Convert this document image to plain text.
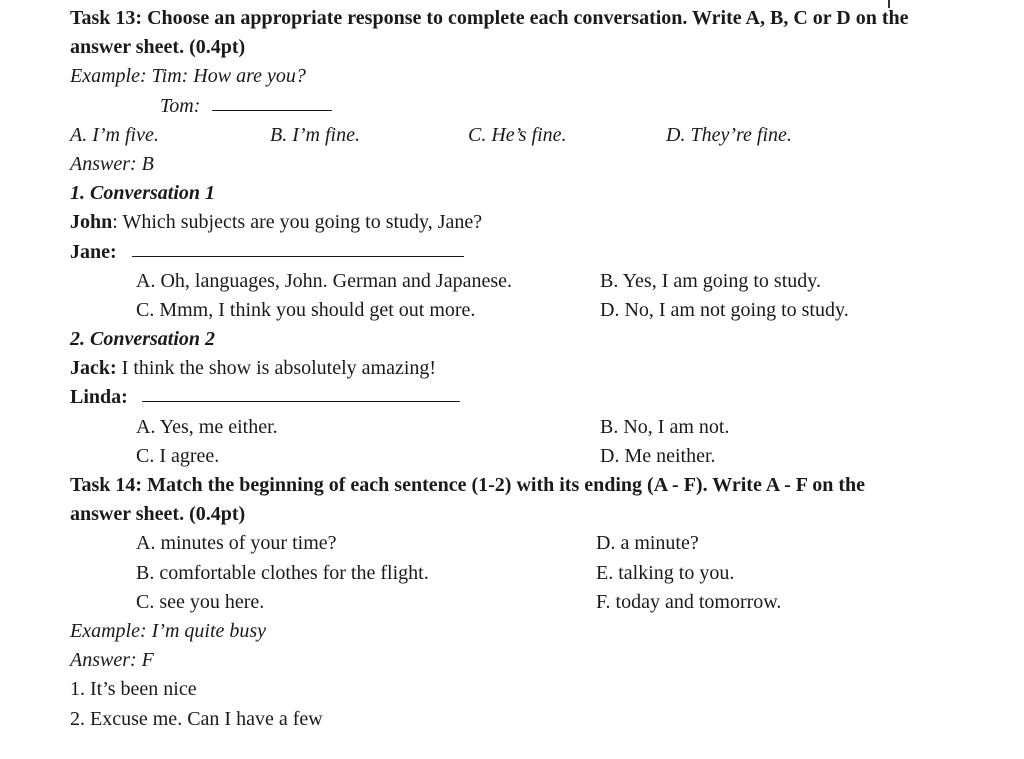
Task 13: Choose an appropriate response to complete each conversation. Write A, B, C or D on the
answer sheet. (0.4pt)
Example: Tim: How are you?
Tom:
A. I’m five.	B. I’m fine.	C. He’s fine.	D. They’re fine.
Answer: B
1. Conversation 1
John: Which subjects are you going to study, Jane?
Jane:
A. Oh, languages, John. German and Japanese.	B. Yes, I am going to study.
C. Mmm, I think you should get out more.	D. No, I am not going to study.
2. Conversation 2
Jack: I think the show is absolutely amazing!
Linda:
A. Yes, me either.	B. No, I am not.
C. I agree.	D. Me neither.
Task 14: Match the beginning of each sentence (1-2) with its ending (A - F). Write A - F on the
answer sheet. (0.4pt)
A. minutes of your time?	D. a minute?
B. comfortable clothes for the flight.	E. talking to you.
C. see you here.	F. today and tomorrow.
Example: I’m quite busy
Answer: F
1. It’s been nice
2. Excuse me. Can I have a few
